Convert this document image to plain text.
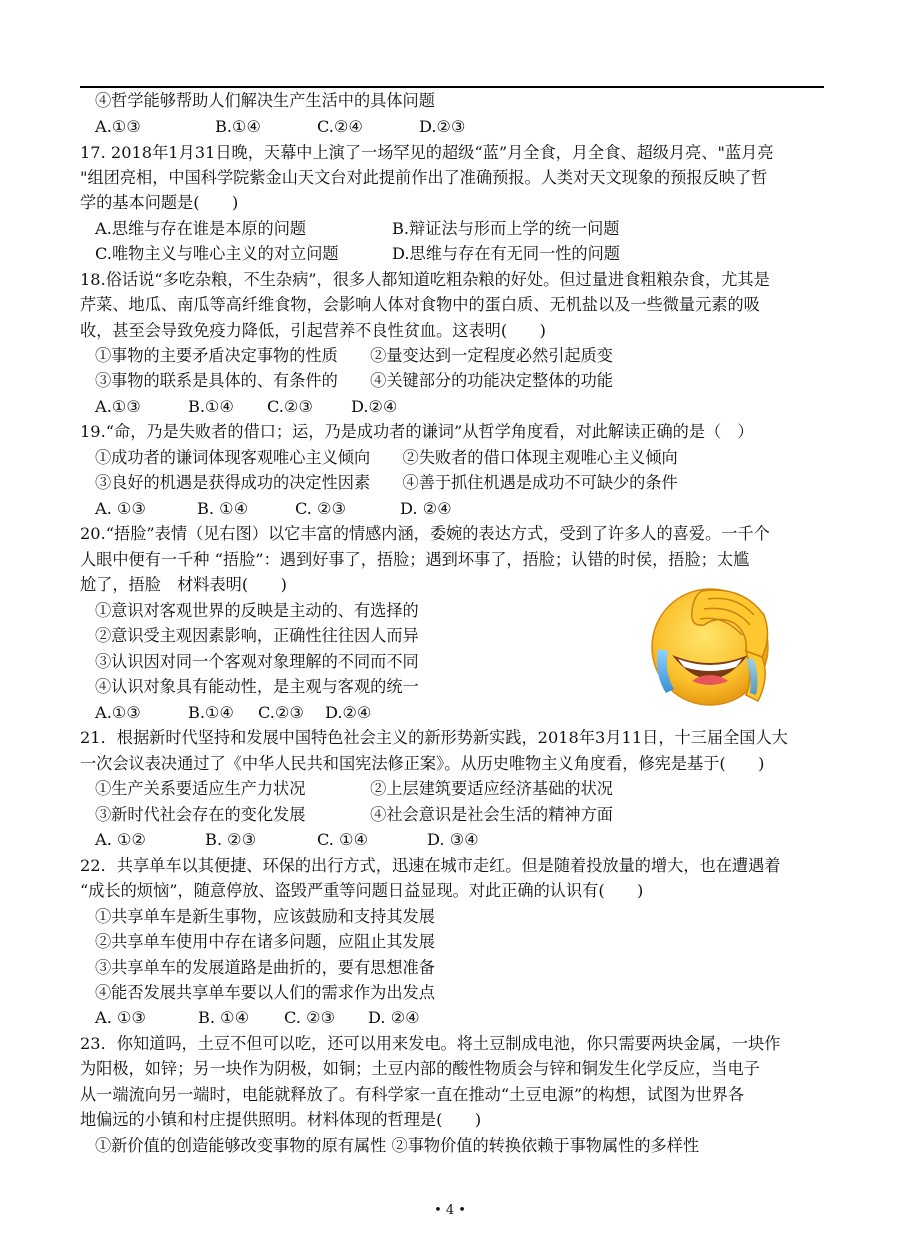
④哲学能够帮助人们解决生产生活中的具体问题
A.①③	B.①④	C.②④	D.②③
17. 2018年1月31日晚，天幕中上演了一场罕见的超级“蓝”月全食，月全食、超级月亮、"蓝月亮
"组团亮相，中国科学院紫金山天文台对此提前作出了准确预报。人类对天文现象的预报反映了哲
学的基本问题是(　　)
A.思维与存在谁是本原的问题	B.辩证法与形而上学的统一问题
C.唯物主义与唯心主义的对立问题	D.思维与存在有无同一性的问题
18.俗话说“多吃杂粮，不生杂病”，很多人都知道吃粗杂粮的好处。但过量进食粗粮杂食，尤其是
芹菜、地瓜、南瓜等高纤维食物，会影响人体对食物中的蛋白质、无机盐以及一些微量元素的吸
收，甚至会导致免疫力降低，引起营养不良性贫血。这表明(　　)
①事物的主要矛盾决定事物的性质　　②量变达到一定程度必然引起质变
③事物的联系是具体的、有条件的　　④关键部分的功能决定整体的功能
A.①③	B.①④ C.②③ D.②④
19.“命，乃是失败者的借口；运，乃是成功者的谦词”从哲学角度看，对此解读正确的是（　）
①成功者的谦词体现客观唯心主义倾向　　②失败者的借口体现主观唯心主义倾向
③良好的机遇是获得成功的决定性因素　　④善于抓住机遇是成功不可缺少的条件
A. ①③	B. ①④	C. ②③	D. ②④
20.“捂脸”表情（见右图）以它丰富的情感内涵，委婉的表达方式，受到了许多人的喜爱。一千个
人眼中便有一千种 “捂脸”：遇到好事了，捂脸；遇到坏事了，捂脸；认错的时侯，捂脸；太尴
尬了，捂脸　材料表明(　　)
①意识对客观世界的反映是主动的、有选择的
②意识受主观因素影响，正确性往往因人而异
③认识因对同一个客观对象理解的不同而不同
④认识对象具有能动性，是主观与客观的统一
A.①③	B.①④ C.②③ D.②④
21．根据新时代坚持和发展中国特色社会主义的新形势新实践，2018年3月11日，十三届全国人大
一次会议表决通过了《中华人民共和国宪法修正案》。从历史唯物主义角度看，修宪是基于(　　)
①生产关系要适应生产力状况　　　　②上层建筑要适应经济基础的状况
③新时代社会存在的变化发展　　　　④社会意识是社会生活的精神方面
A. ①②	B. ②③	C. ①④	D. ③④
22．共享单车以其便捷、环保的出行方式，迅速在城市走红。但是随着投放量的增大，也在遭遇着
“成长的烦恼”，随意停放、盗毁严重等问题日益显现。对此正确的认识有(　　)
①共享单车是新生事物，应该鼓励和支持其发展
②共享单车使用中存在诸多问题，应阻止其发展
③共享单车的发展道路是曲折的，要有思想准备
④能否发展共享单车要以人们的需求作为出发点
A. ①③	B. ①④ C. ②③ D. ②④
23．你知道吗，土豆不但可以吃，还可以用来发电。将土豆制成电池，你只需要两块金属，一块作
为阳极，如锌；另一块作为阴极，如铜；土豆内部的酸性物质会与锌和铜发生化学反应，当电子
从一端流向另一端时，电能就释放了。有科学家一直在推动“土豆电源”的构想，试图为世界各
地偏远的小镇和村庄提供照明。材料体现的哲理是(　　)
①新价值的创造能够改变事物的原有属性 ②事物价值的转换依赖于事物属性的多样性
• 4 •
